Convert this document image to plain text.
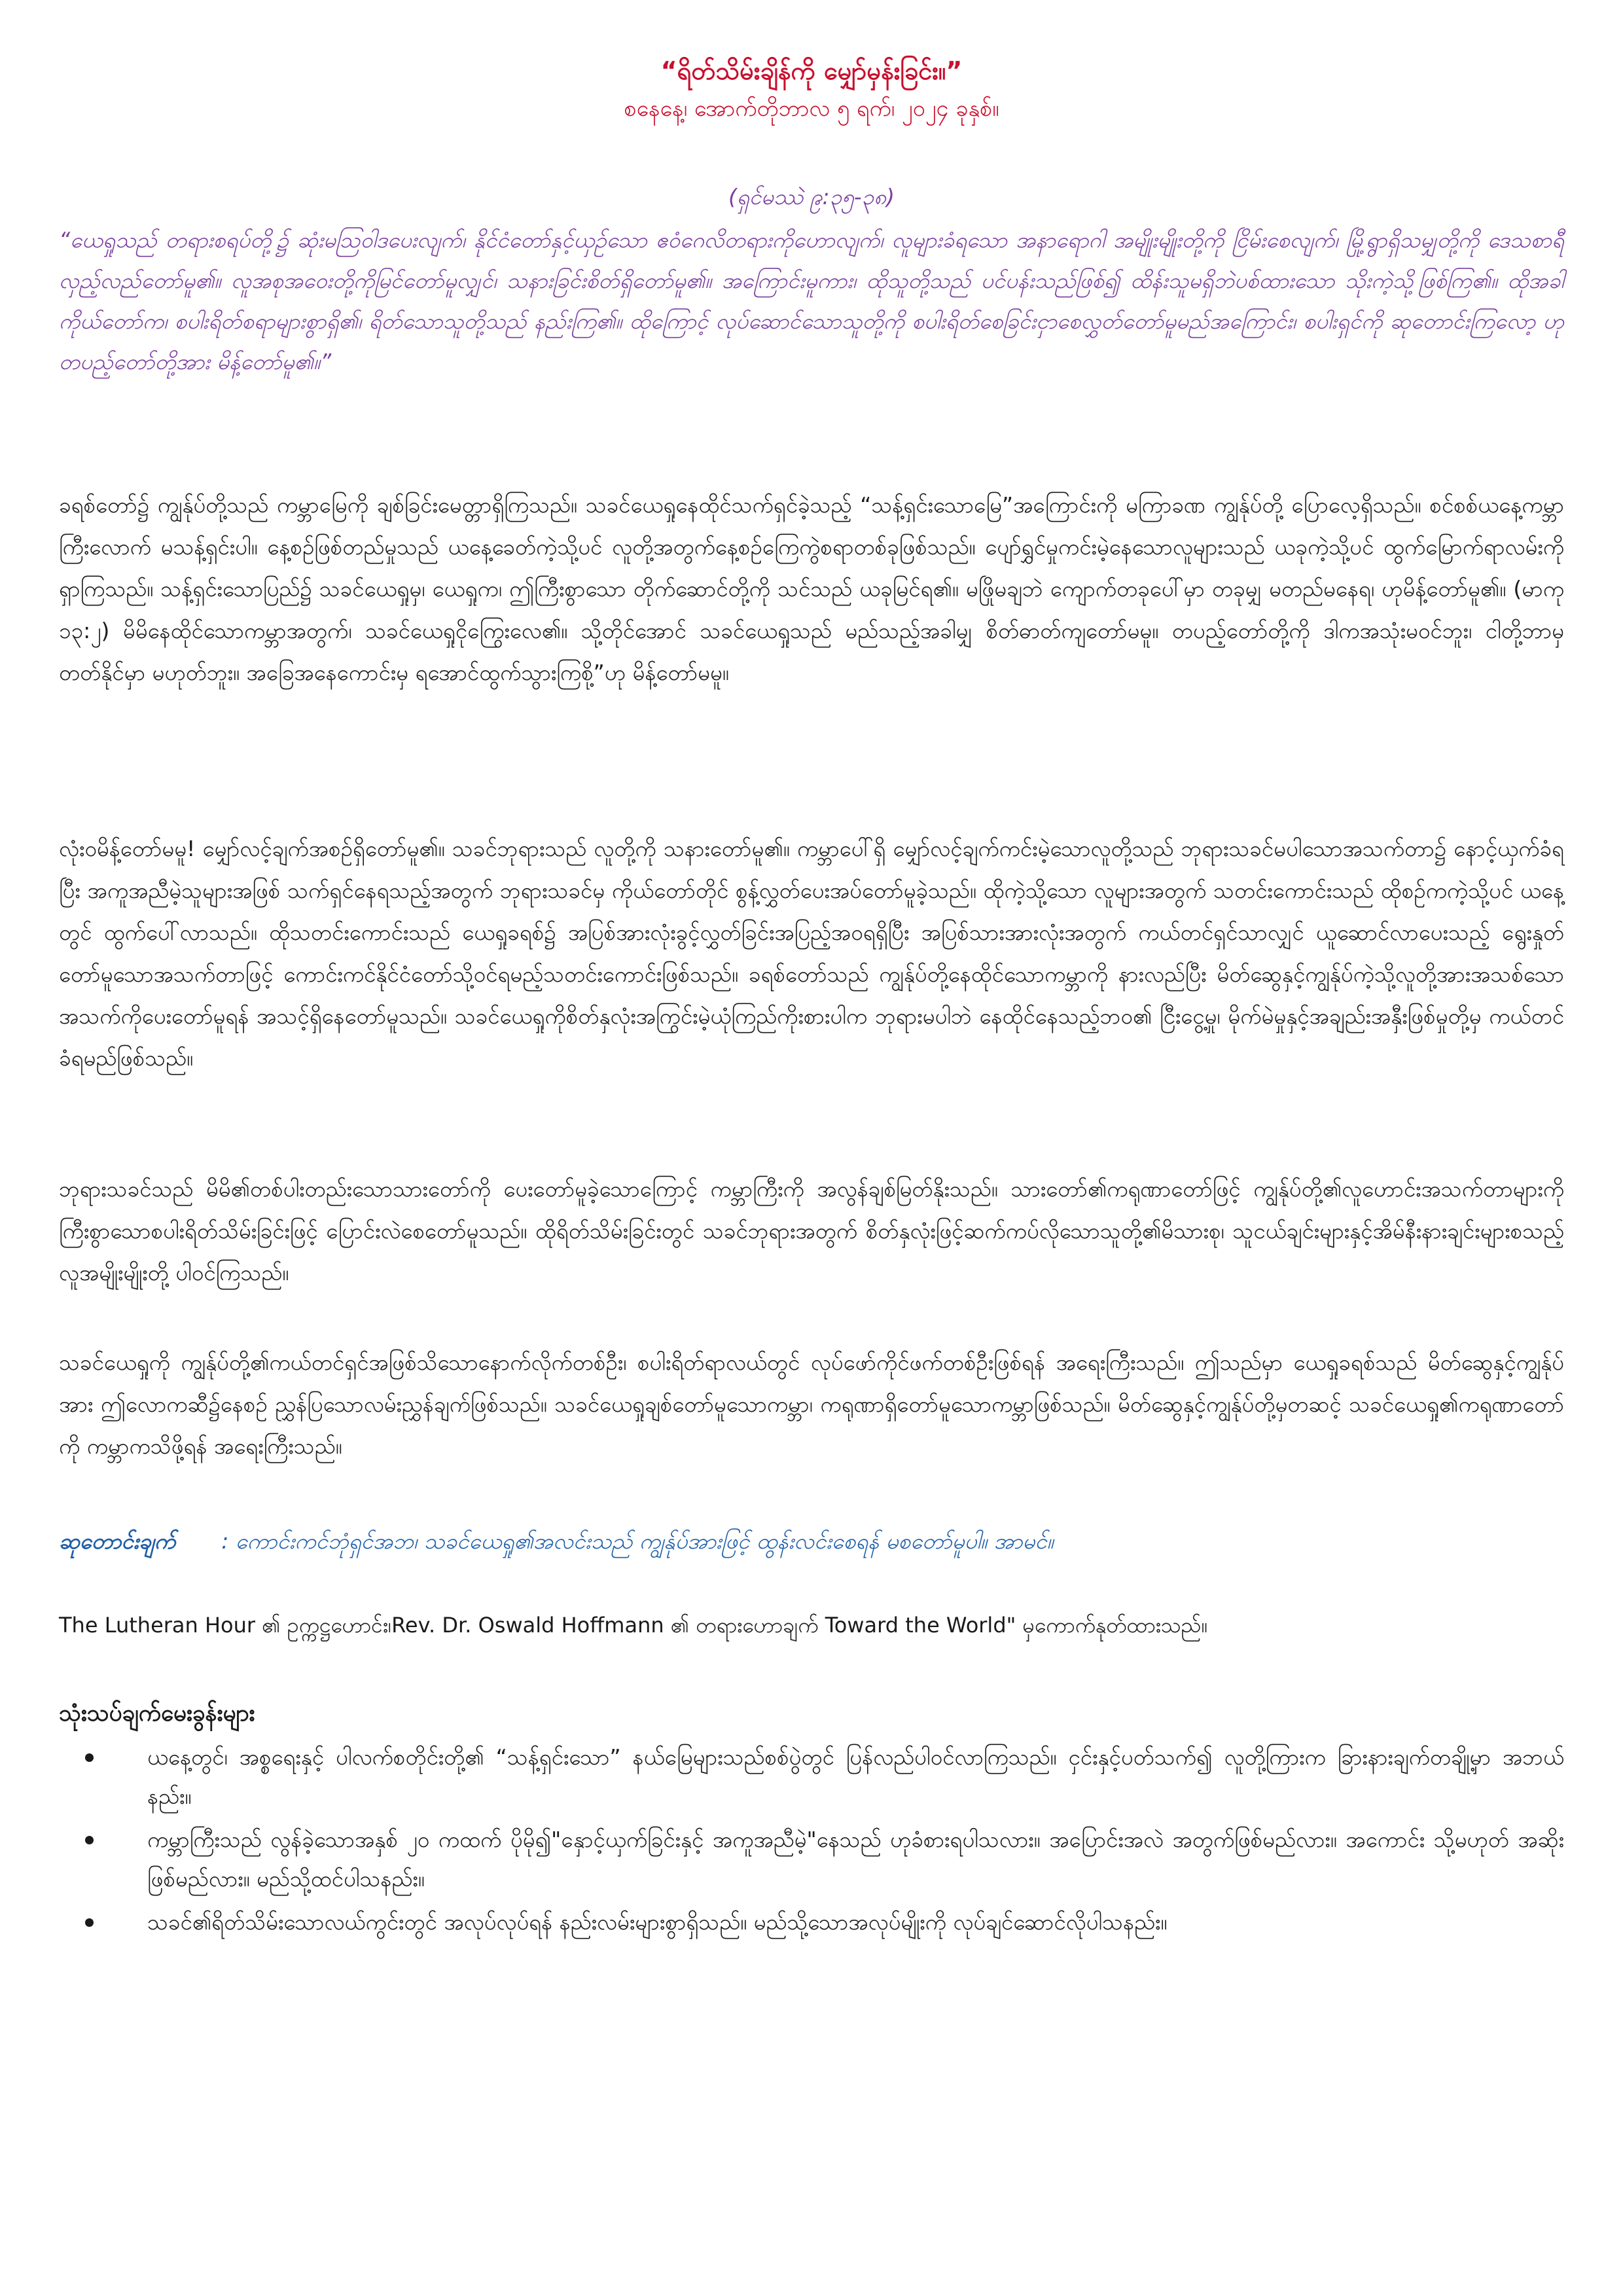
“ရိတ်သိမ်းချိန်ကို မျှော်မှန်းခြင်း။”
စနေနေ့၊ အောက်တိုဘာလ ၅ ရက်၊ ၂၀၂၄ ခုနှစ်။
(ရှင်မဿဲ ၉:၃၅-၃၈)
“ယေရှုသည် တရားစရပ်တို့၌ ဆုံးမဩဝါဒပေးလျက်၊ နိုင်ငံတော်နှင့်ယှဉ်သော ဧဝံဂေလိတရားကိုဟောလျက်၊ လူများခံရသော အနာရောဂါ အမျိုးမျိုးတို့ကို ငြိမ်းစေလျက်၊ မြို့ရွာရှိသမျှတို့ကို ဒေသစာရီလှည့်လည်တော်မူ၏။ လူအစုအဝေးတို့ကိုမြင်တော်မူလျှင်၊ သနားခြင်းစိတ်ရှိတော်မူ၏။ အကြောင်းမူကား၊ ထိုသူတို့သည် ပင်ပန်းသည်ဖြစ်၍ ထိန်းသူမရှိဘဲပစ်ထားသော သိုးကဲ့သို့ဖြစ်ကြ၏။ ထိုအခါ ကိုယ်တော်က၊ စပါးရိတ်စရာများစွာရှိ၏၊ ရိတ်သောသူတို့သည် နည်းကြ၏။ ထိုကြောင့် လုပ်ဆောင်သောသူတို့ကို စပါးရိတ်စေခြင်းငှာစေလွှတ်တော်မူမည်အကြောင်း၊ စပါးရှင်ကို ဆုတောင်းကြလော့ ဟုတပည့်တော်တို့အား မိန့်တော်မူ၏။”
ခရစ်တော်၌ ကျွန်ုပ်တို့သည် ကမ္ဘာမြေကို ချစ်ခြင်းမေတ္တာရှိကြသည်။ သခင်ယေရှုနေထိုင်သက်ရှင်ခဲ့သည့် “သန့်ရှင်းသောမြေ”အကြောင်းကို မကြာခဏ ကျွန်ုပ်တို့ ပြောလေ့ရှိသည်။ စင်စစ်ယနေ့ကမ္ဘာကြီးလောက် မသန့်ရှင်းပါ။ နေ့စဉ်ဖြစ်တည်မှုသည် ယနေ့ခေတ်ကဲ့သို့ပင် လူတို့အတွက်နေ့စဉ်ကြေကွဲစရာတစ်ခုဖြစ်သည်။ ပျော်ရွှင်မှုကင်းမဲ့နေသောလူများသည် ယခုကဲ့သို့ပင် ထွက်မြောက်ရာလမ်းကိုရှာကြသည်။ သန့်ရှင်းသောပြည်၌ သခင်ယေရှုမှ၊ ယေရှုက၊ ဤကြီးစွာသော တိုက်ဆောင်တို့ကို သင်သည် ယခုမြင်ရ၏။ မဖြိုမချဘဲ ကျောက်တခုပေါ်မှာ တခုမျှ မတည်မနေရ၊ ဟုမိန့်တော်မူ၏။ (မာကု ၁၃:၂) မိမိနေထိုင်သောကမ္ဘာအတွက်၊ သခင်ယေရှုငိုကြွေးလေ၏။ သို့တိုင်အောင် သခင်ယေရှုသည် မည်သည့်အခါမျှ စိတ်ဓာတ်ကျတော်မမူ။ တပည့်တော်တို့ကို ဒါကအသုံးမဝင်ဘူး၊ ငါတို့ဘာမှတတ်နိုင်မှာ မဟုတ်ဘူး။ အခြေအနေကောင်းမှ ရအောင်ထွက်သွားကြစို့”ဟု မိန့်တော်မမူ။
လုံးဝမိန့်တော်မမူ! မျှော်လင့်ချက်အစဉ်ရှိတော်မူ၏။ သခင်ဘုရားသည် လူတို့ကို သနားတော်မူ၏။ ကမ္ဘာပေါ်ရှိ မျှော်လင့်ချက်ကင်းမဲ့သောလူတို့သည် ဘုရားသခင်မပါသောအသက်တာ၌ နောင့်ယှက်ခံရပြီး အကူအညီမဲ့သူများအဖြစ် သက်ရှင်နေရသည့်အတွက် ဘုရားသခင်မှ ကိုယ်တော်တိုင် စွန့်လွှတ်ပေးအပ်တော်မူခဲ့သည်။ ထိုကဲ့သို့သော လူများအတွက် သတင်းကောင်းသည် ထိုစဉ်ကကဲ့သို့ပင် ယနေ့တွင် ထွက်ပေါ်လာသည်။ ထိုသတင်းကောင်းသည် ယေရှုခရစ်၌ အပြစ်အားလုံးခွင့်လွှတ်ခြင်းအပြည့်အဝရရှိပြီး အပြစ်သားအားလုံးအတွက် ကယ်တင်ရှင်သာလျှင် ယူဆောင်လာပေးသည့် ရွေးနှုတ်တော်မူသောအသက်တာဖြင့် ကောင်းကင်နိုင်ငံတော်သို့ဝင်ရမည့်သတင်းကောင်းဖြစ်သည်။ ခရစ်တော်သည် ကျွန်ုပ်တို့နေထိုင်သောကမ္ဘာကို နားလည်ပြီး မိတ်ဆွေနှင့်ကျွန်ုပ်ကဲ့သို့လူတို့အားအသစ်သောအသက်ကိုပေးတော်မူရန် အသင့်ရှိနေတော်မူသည်။ သခင်ယေရှုကိုစိတ်နှလုံးအကြွင်းမဲ့ယုံကြည်ကိုးစားပါက ဘုရားမပါဘဲ နေထိုင်နေသည့်ဘဝ၏ ငြီးငွေ့မှု၊ မိုက်မဲမှုနှင့်အချည်းအနှီးဖြစ်မှုတို့မှ ကယ်တင်ခံရမည်ဖြစ်သည်။
ဘုရားသခင်သည် မိမိ၏တစ်ပါးတည်းသောသားတော်ကို ပေးတော်မူခဲ့သောကြောင့် ကမ္ဘာကြီးကို အလွန်ချစ်မြတ်နိုးသည်။ သားတော်၏ကရုဏာတော်ဖြင့် ကျွန်ုပ်တို့၏လူဟောင်းအသက်တာများကို ကြီးစွာသောစပါးရိတ်သိမ်းခြင်းဖြင့် ပြောင်းလဲစေတော်မူသည်။ ထိုရိတ်သိမ်းခြင်းတွင် သခင်ဘုရားအတွက် စိတ်နှလုံးဖြင့်ဆက်ကပ်လိုသောသူတို့၏မိသားစု၊ သူငယ်ချင်းများနှင့်အိမ်နီးနားချင်းများစသည့် လူအမျိုးမျိုးတို့ ပါဝင်ကြသည်။
သခင်ယေရှုကို ကျွန်ုပ်တို့၏ကယ်တင်ရှင်အဖြစ်သိသောနောက်လိုက်တစ်ဦး၊ စပါးရိတ်ရာလယ်တွင် လုပ်ဖော်ကိုင်ဖက်တစ်ဦးဖြစ်ရန် အရေးကြီးသည်။ ဤသည်မှာ ယေရှုခရစ်သည် မိတ်ဆွေနှင့်ကျွန်ုပ်အား ဤလောကဆီ၌နေစဉ် ညွှန်ပြသောလမ်းညွှန်ချက်ဖြစ်သည်။ သခင်ယေရှုချစ်တော်မူသောကမ္ဘာ၊ ကရုဏာရှိတော်မူသောကမ္ဘာဖြစ်သည်။ မိတ်ဆွေနှင့်ကျွန်ုပ်တို့မှတဆင့် သခင်ယေရှု၏ကရုဏာတော်ကို ကမ္ဘာကသိဖို့ရန် အရေးကြီးသည်။
ဆုတောင်းချက် : ကောင်းကင်ဘုံရှင်အဘ၊ သခင်ယေရှု၏အလင်းသည် ကျွန်ုပ်အားဖြင့် ထွန်းလင်းစေရန် မစတော်မူပါ။ အာမင်။
The Lutheran Hour ၏ ဥက္ကဋ္ဌဟောင်း၊Rev. Dr. Oswald Hoffmann ၏ တရားဟောချက် Toward the World" မှကောက်နုတ်ထားသည်။
သုံးသပ်ချက်မေးခွန်းများ
ယနေ့တွင်၊ အစ္စရေးနှင့် ပါလက်စတိုင်းတို့၏ “သန့်ရှင်းသော” နယ်မြေများသည်စစ်ပွဲတွင် ပြန်လည်ပါဝင်လာကြသည်။ ငှင်းနှင့်ပတ်သက်၍ လူတို့ကြားက ခြားနားချက်တချို့မှာ အဘယ်နည်း။
ကမ္ဘာကြီးသည် လွန်ခဲ့သောအနှစ် ၂၀ ကထက် ပိုမို၍"နှောင့်ယှက်ခြင်းနှင့် အကူအညီမဲ့"နေသည် ဟုခံစားရပါသလား။ အပြောင်းအလဲ အတွက်ဖြစ်မည်လား။ အကောင်း သို့မဟုတ် အဆိုးဖြစ်မည်လား။ မည်သို့ထင်ပါသနည်း။
သခင်၏ရိတ်သိမ်းသောလယ်ကွင်းတွင် အလုပ်လုပ်ရန် နည်းလမ်းများစွာရှိသည်။ မည်သို့သောအလုပ်မျိုးကို လုပ်ချင်ဆောင်လိုပါသနည်း။
